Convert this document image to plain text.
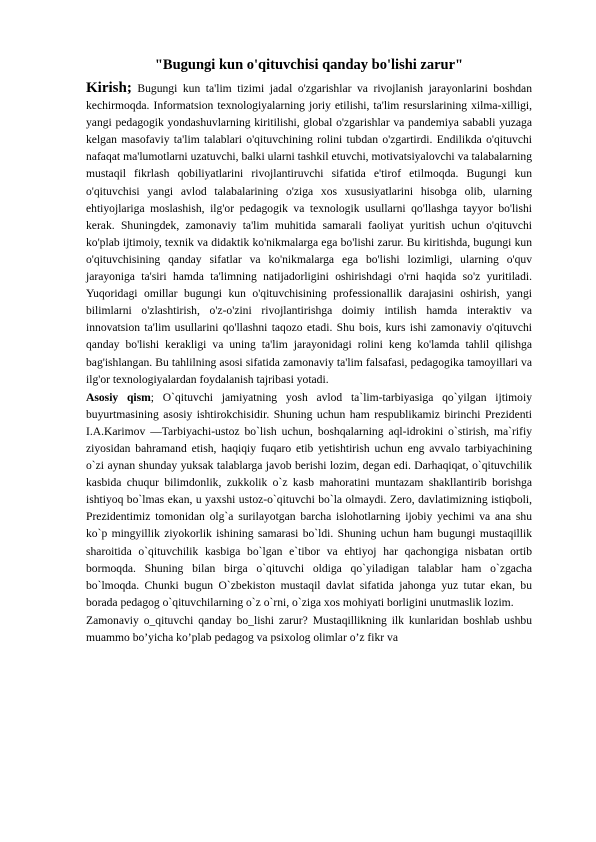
"Bugungi kun o'qituvchisi qanday bo'lishi zarur"

Kirish; Bugungi kun ta'lim tizimi jadal o'zgarishlar va rivojlanish jarayonlarini boshdan kechirmoqda. Informatsion texnologiyalarning joriy etilishi, ta'lim resurslarining xilma-xilligi, yangi pedagogik yondashuvlarning kiritilishi, global o'zgarishlar va pandemiya sababli yuzaga kelgan masofaviy ta'lim talablari o'qituvchining rolini tubdan o'zgartirdi. Endilikda o'qituvchi nafaqat ma'lumotlarni uzatuvchi, balki ularni tashkil etuvchi, motivatsiyalovchi va talabalarning mustaqil fikrlash qobiliyatlarini rivojlantiruvchi sifatida e'tirof etilmoqda. Bugungi kun o'qituvchisi yangi avlod talabalarining o'ziga xos xususiyatlarini hisobga olib, ularning ehtiyojlariga moslashish, ilg'or pedagogik va texnologik usullarni qo'llashga tayyor bo'lishi kerak. Shuningdek, zamonaviy ta'lim muhitida samarali faoliyat yuritish uchun o'qituvchi ko'plab ijtimoiy, texnik va didaktik ko'nikmalarga ega bo'lishi zarur. Bu kiritishda, bugungi kun o'qituvchisining qanday sifatlar va ko'nikmalarga ega bo'lishi lozimligi, ularning o'quv jarayoniga ta'siri hamda ta'limning natijadorligini oshirishdagi o'rni haqida so'z yuritiladi. Yuqoridagi omillar bugungi kun o'qituvchisining professionallik darajasini oshirish, yangi bilimlarni o'zlashtirish, o'z-o'zini rivojlantirishga doimiy intilish hamda interaktiv va innovatsion ta'lim usullarini qo'llashni taqozo etadi. Shu bois, kurs ishi zamonaviy o'qituvchi qanday bo'lishi kerakligi va uning ta'lim jarayonidagi rolini keng ko'lamda tahlil qilishga bag'ishlangan. Bu tahlilning asosi sifatida zamonaviy ta'lim falsafasi, pedagogika tamoyillari va ilg'or texnologiyalardan foydalanish tajribasi yotadi.

Asosiy qism; O`qituvchi jamiyatning yosh avlod ta`lim-tarbiyasiga qo`yilgan ijtimoiy buyurtmasining asosiy ishtirokchisidir. Shuning uchun ham respublikamiz birinchi Prezidenti I.A.Karimov —Tarbiyachi-ustoz bo`lish uchun, boshqalarning aql-idrokini o`stirish, ma`rifiy ziyosidan bahramand etish, haqiqiy fuqaro etib yetishtirish uchun eng avvalo tarbiyachining o`zi aynan shunday yuksak talablarga javob berishi lozim, degan edi. Darhaqiqat, o`qituvchilik kasbida chuqur bilimdonlik, zukkolik o`z kasb mahoratini muntazam shakllantirib borishga ishtiyoq bo`lmas ekan, u yaxshi ustoz-o`qituvchi bo`la olmaydi. Zero, davlatimizning istiqboli, Prezidentimiz tomonidan olg`a surilayotgan barcha islohotlarning ijobiy yechimi va ana shu ko`p mingyillik ziyokorlik ishining samarasi bo`ldi. Shuning uchun ham bugungi mustaqillik sharoitida o`qituvchilik kasbiga bo`lgan e`tibor va ehtiyoj har qachongiga nisbatan ortib bormoqda. Shuning bilan birga o`qituvchi oldiga qo`yiladigan talablar ham o`zgacha bo`lmoqda. Chunki bugun O`zbekiston mustaqil davlat sifatida jahonga yuz tutar ekan, bu borada pedagog o`qituvchilarning o`z o`rni, o`ziga xos mohiyati borligini unutmaslik lozim.

Zamonaviy o_qituvchi qanday bo_lishi zarur? Mustaqillikning ilk kunlaridan boshlab ushbu muammo bo’yicha ko’plab pedagog va psixolog olimlar o’z fikr va
